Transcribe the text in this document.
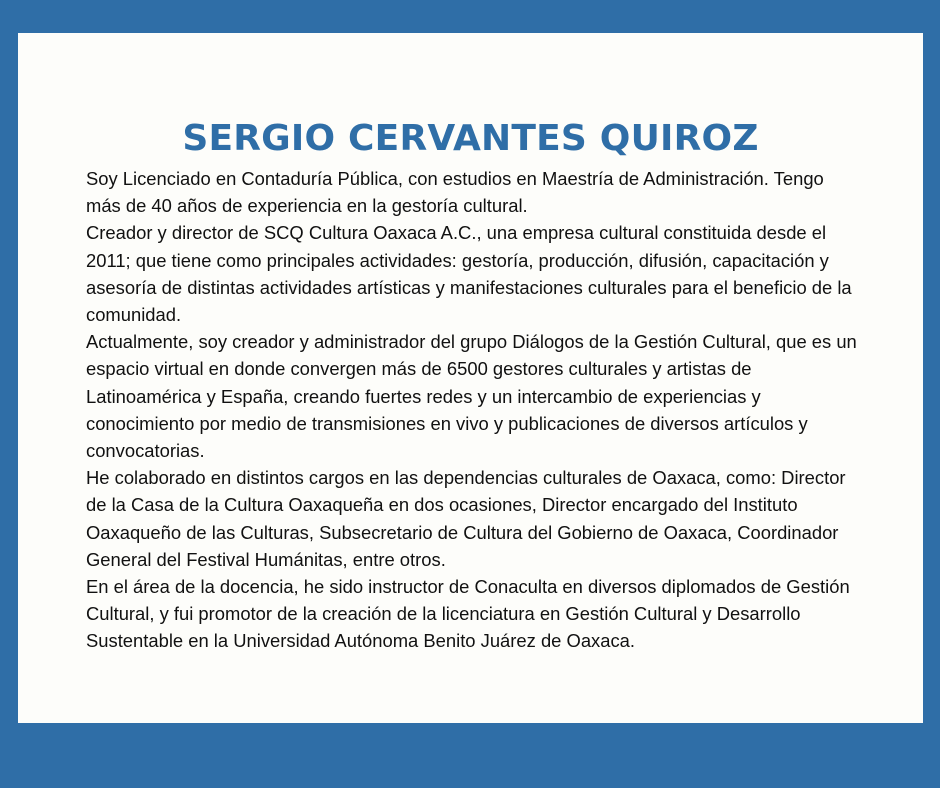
SERGIO CERVANTES QUIROZ

Soy Licenciado en Contaduría Pública, con estudios en Maestría de Administración. Tengo más de 40 años de experiencia en la gestoría cultural.

Creador y director de SCQ Cultura Oaxaca A.C., una empresa cultural constituida desde el 2011; que tiene como principales actividades: gestoría, producción, difusión, capacitación y asesoría de distintas actividades artísticas y manifestaciones culturales para el beneficio de la comunidad.

Actualmente, soy creador y administrador del grupo Diálogos de la Gestión Cultural, que es un espacio virtual en donde convergen más de 6500 gestores culturales y artistas de Latinoamérica y España, creando fuertes redes y un intercambio de experiencias y conocimiento por medio de transmisiones en vivo y publicaciones de diversos artículos y convocatorias.

He colaborado en distintos cargos en las dependencias culturales de Oaxaca, como: Director de la Casa de la Cultura Oaxaqueña en dos ocasiones, Director encargado del Instituto Oaxaqueño de las Culturas, Subsecretario de Cultura del Gobierno de Oaxaca, Coordinador General del Festival Humánitas, entre otros.

En el área de la docencia, he sido instructor de Conaculta en diversos diplomados de Gestión Cultural, y fui promotor de la creación de la licenciatura en Gestión Cultural y Desarrollo Sustentable en la Universidad Autónoma Benito Juárez de Oaxaca.
